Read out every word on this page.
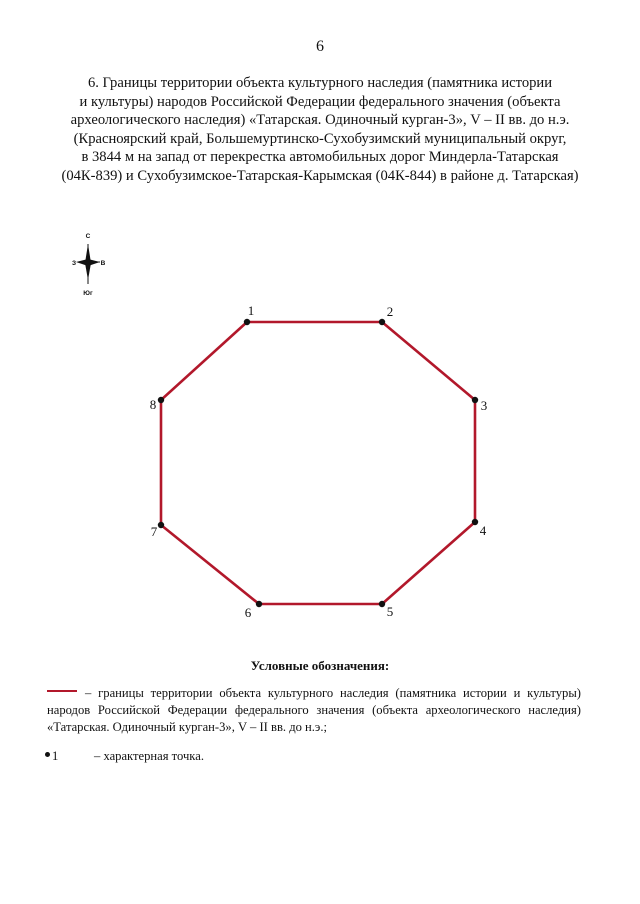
6
6. Границы территории объекта культурного наследия (памятника истории
и культуры) народов Российской Федерации федерального значения (объекта
археологического наследия) «Татарская. Одиночный курган-3», V – II вв. до н.э.
(Красноярский край, Большемуртинско-Сухобузимский муниципальный округ,
в 3844 м на запад от перекрестка автомобильных дорог Миндерла-Татарская
(04К-839) и Сухобузимское-Татарская-Карымская (04К-844) в районе д. Татарская)
С
З	В
Юг
1	2
3
4
5
6
7
8
Условные обозначения:
– границы территории объекта культурного наследия (памятника истории и культуры)
народов Российской Федерации федерального значения (объекта археологического наследия)
«Татарская. Одиночный курган-3», V – II вв. до н.э.;
1	– характерная точка.
